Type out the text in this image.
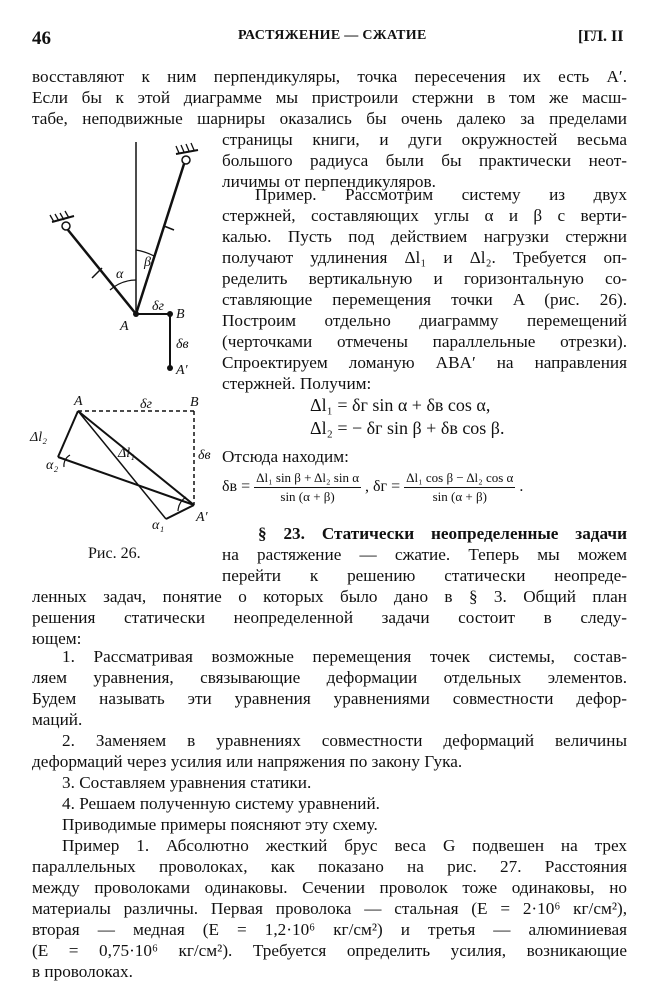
46	РАСТЯЖЕНИЕ — СЖАТИЕ	[ГЛ. II
восставляют к ним перпендикуляры, точка пересечения их есть A′.
Если бы к этой диаграмме мы пристроили стержни в том же масш-
табе, неподвижные шарниры оказались бы очень далеко за пределами
страницы книги, и дуги окружностей весьма
большого радиуса были бы практически неот-
личимы от перпендикуляров.
Пример. Рассмотрим систему из двух
стержней, составляющих углы α и β с верти-
калью. Пусть под действием нагрузки стержни
получают удлинения Δl₁ и Δl₂. Требуется оп-
ределить вертикальную и горизонтальную со-
ставляющие перемещения точки A (рис. 26).
Построим отдельно диаграмму перемещений
(черточками отмечены параллельные отрезки).
Спроектируем ломаную ABA′ на направления
стержней. Получим:
Δl₁ = δг sin α + δв cos α,
Δl₂ = − δг sin β + δв cos β.
Отсюда находим:
$\delta в = \frac{\text{Δl₁ sin β + Δl₂ sin α}}{\sin (\alpha + \beta)}$ , $\delta г = \frac{\text{Δl₁ cos β − Δl₂ cos α}}{\sin (\alpha + \beta)}$ .
§ 23. Статически неопределенные задачи
на растяжение — сжатие. Теперь мы можем
перейти к решению статически неопреде-
ленных задач, понятие о которых было дано в § 3. Общий план
решения статически неопределенной задачи состоит в следу-
ющем:
1. Рассматривая возможные перемещения точек системы, состав-
ляем уравнения, связывающие деформации отдельных элементов.
Будем называть эти уравнения уравнениями совместности дефор-
маций.
2. Заменяем в уравнениях совместности деформаций величины
деформаций через усилия или напряжения по закону Гука.
3. Составляем уравнения статики.
4. Решаем полученную систему уравнений.
Приводимые примеры поясняют эту схему.
Пример 1. Абсолютно жесткий брус веса G подвешен на трех
параллельных проволоках, как показано на рис. 27. Расстояния
между проволоками одинаковы. Сечении проволок тоже одинаковы, но
материалы различны. Первая проволока — стальная (E = 2·10⁶ кг/см²),
вторая — медная (E = 1,2·10⁶ кг/см²) и третья — алюминиевая
(E = 0,75·10⁶ кг/см²). Требуется определить усилия, возникающие
в проволоках.
α
β
A
δг
B
δв
A′
A	δг	B
δв
Δl₂
Δl₁
α₂
α₁
A′
Рис. 26.
